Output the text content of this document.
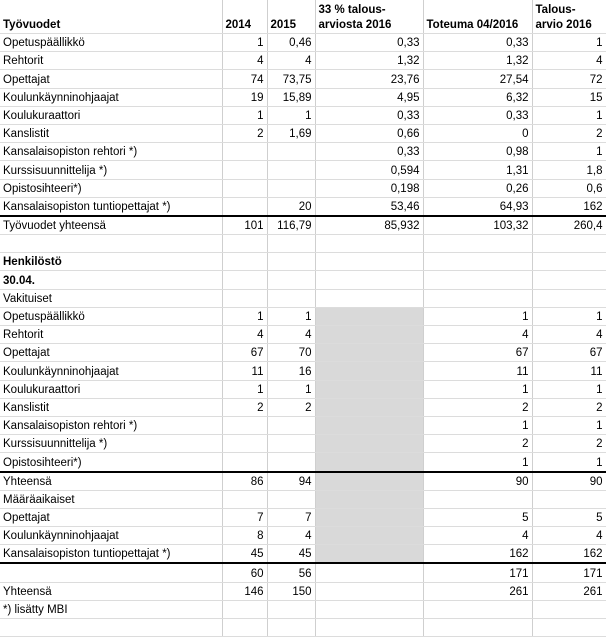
Työvuodet	2014	2015	33 % talous-arviosta 2016	Toteuma 04/2016	Talous-arvio 2016
Opetuspäällikkö	1	0,46	0,33	0,33	1
Rehtorit	4	4	1,32	1,32	4
Opettajat	74	73,75	23,76	27,54	72
Koulunkäynninohjaajat	19	15,89	4,95	6,32	15
Koulukuraattori	1	1	0,33	0,33	1
Kanslistit	2	1,69	0,66	0	2
Kansalaisopiston rehtori *)			0,33	0,98	1
Kurssisuunnittelija *)			0,594	1,31	1,8
Opistosihteeri*)			0,198	0,26	0,6
Kansalaisopiston tuntiopettajat *)		20	53,46	64,93	162
Työvuodet yhteensä	101	116,79	85,932	103,32	260,4

Henkilöstö					
30.04.					
Vakituiset					
Opetuspäällikkö	1	1		1	1
Rehtorit	4	4		4	4
Opettajat	67	70		67	67
Koulunkäynninohjaajat	11	16		11	11
Koulukuraattori	1	1		1	1
Kanslistit	2	2		2	2
Kansalaisopiston rehtori *)				1	1
Kurssisuunnittelija *)				2	2
Opistosihteeri*)				1	1
Yhteensä	86	94		90	90
Määräaikaiset					
Opettajat	7	7		5	5
Koulunkäynninohjaajat	8	4		4	4
Kansalaisopiston tuntiopettajat *)	45	45		162	162
	60	56		171	171
Yhteensä	146	150		261	261
*) lisätty MBI					
